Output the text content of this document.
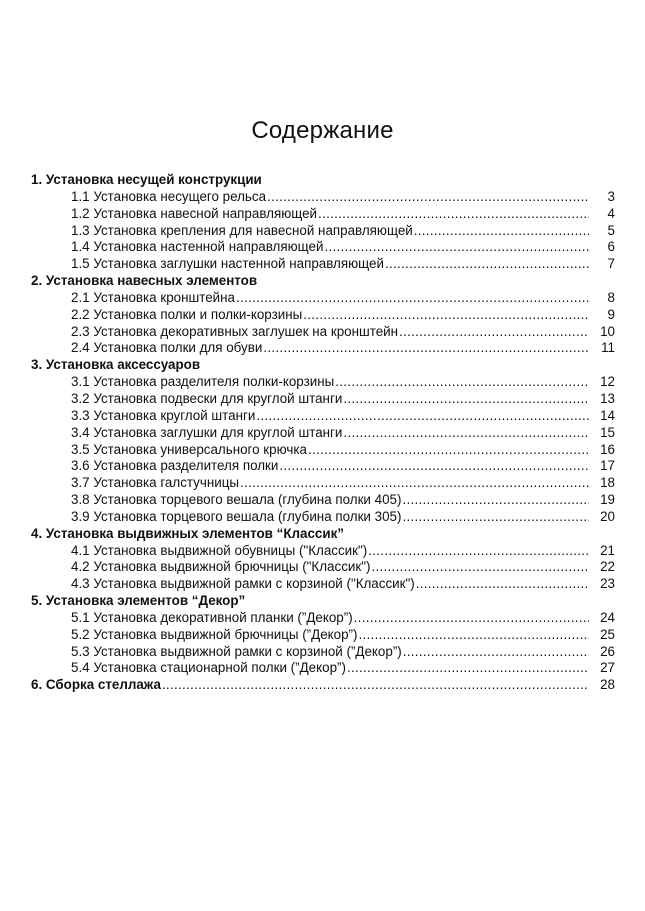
Содержание
1. Установка несущей конструкции
1.1 Установка несущего рельса .....	3
1.2 Установка навесной направляющей .....	4
1.3 Установка крепления для навесной направляющей .....	5
1.4 Установка настенной направляющей .....	6
1.5 Установка заглушки настенной направляющей .....	7
2. Установка навесных элементов
2.1 Установка кронштейна .....	8
2.2 Установка полки и полки-корзины .....	9
2.3 Установка декоративных заглушек на кронштейн .....	10
2.4 Установка полки для обуви .....	11
3. Установка аксессуаров
3.1 Установка разделителя полки-корзины .....	12
3.2 Установка подвески для круглой штанги .....	13
3.3 Установка круглой штанги .....	14
3.4 Установка заглушки для круглой штанги .....	15
3.5 Установка универсального крючка .....	16
3.6 Установка разделителя полки .....	17
3.7 Установка галстучницы .....	18
3.8 Установка торцевого вешала (глубина полки 405) .....	19
3.9 Установка торцевого вешала (глубина полки 305) .....	20
4. Установка выдвижных элементов “Классик”
4.1 Установка выдвижной обувницы ("Классик") .....	21
4.2 Установка выдвижной брючницы ("Классик") .....	22
4.3 Установка выдвижной рамки с корзиной ("Классик") .....	23
5. Установка элементов “Декор”
5.1 Установка декоративной планки (”Декор”) .....	24
5.2 Установка выдвижной брючницы (”Декор”) .....	25
5.3 Установка выдвижной рамки с корзиной (”Декор”) .....	26
5.4 Установка стационарной полки (”Декор”) .....	27
6. Сборка стеллажа .....	28
